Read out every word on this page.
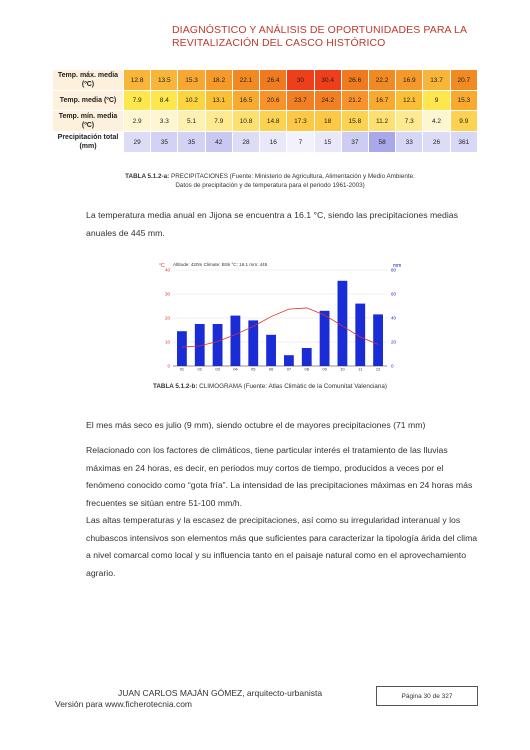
DIAGNÓSTICO Y ANÁLISIS DE OPORTUNIDADES PARA LA
REVITALIZACIÓN DEL CASCO HISTÓRICO
Temp. máx. media (ºC)	12.8	13.5	15.3	18.2	22.1	26.4	30	30.4	26.6	22.2	16.9	13.7	20.7
Temp. media (ºC)	7.9	8.4	10.2	13.1	16.5	20.6	23.7	24.2	21.2	16.7	12.1	9	15.3
Temp. mín. media (ºC)	2.9	3.3	5.1	7.9	10.8	14.8	17.3	18	15.8	11.2	7.3	4.2	9.9
Precipitación total (mm)	29	35	35	42	28	16	7	15	37	58	33	26	361
TABLA 5.1.2-a: PRECIPITACIONES (Fuente: Ministerio de Agricultura, Alimentación y Medio Ambiente.
Datos de precipitación y de temperatura para el periodo 1961-2003)
La temperatura media anual en Jijona se encuentra a 16.1 °C, siendo las precipitaciones medias anuales de 445 mm.
Altitude: 420m Climate: BSk °C: 16.1 mm: 445
°C	mm
0
10
20
30
40
0
20
40
60
80
01	02	03	04	05	06	07	08	09	10	11	12
TABLA 5.1.2-b: CLIMOGRAMA (Fuente: Atlas Climàtic de la Comunitat Valenciana)
El mes más seco es julio (9 mm), siendo octubre el de mayores precipitaciones (71 mm)
Relacionado con los factores de climáticos, tiene particular interés el tratamiento de las lluvias máximas en 24 horas, es decir, en periodos muy cortos de tiempo, producidos a veces por el fenómeno conocido como “gota fría”. La intensidad de las precipitaciones máximas en 24 horas más frecuentes se sitúan entre 51-100 mm/h.
Las altas temperaturas y la escasez de precipitaciones, así como su irregularidad interanual y los chubascos intensivos son elementos más que suficientes para caracterizar la tipología árida del clima a nivel comarcal como local y su influencia tanto en el paisaje natural como en el aprovechamiento agrario.
JUAN CARLOS MAJÁN GÓMEZ, arquitecto-urbanista
Versión para www.ficherotecnia.com
Página 30 de 327
